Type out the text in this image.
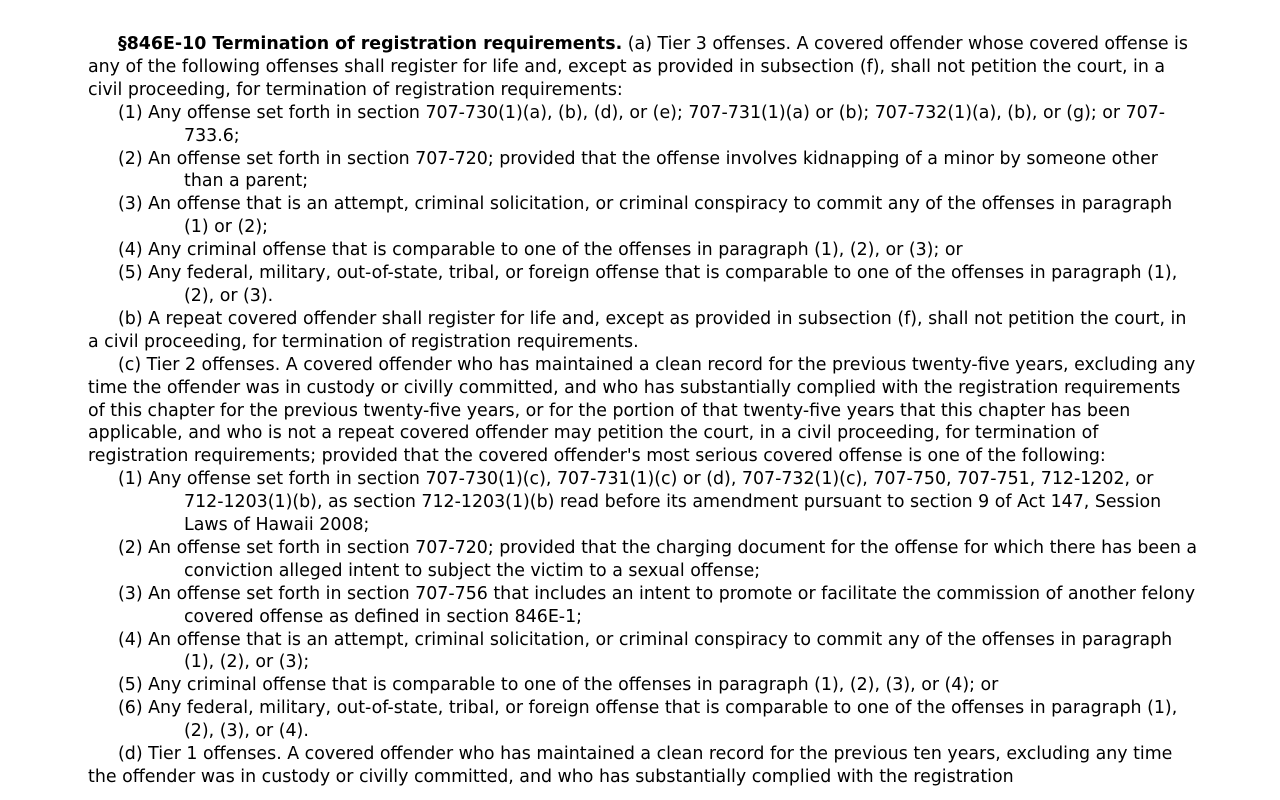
§846E-10 Termination of registration requirements. (a) Tier 3 offenses. A covered offender whose covered offense is any of the following offenses shall register for life and, except as provided in subsection (f), shall not petition the court, in a civil proceeding, for termination of registration requirements:

(1) Any offense set forth in section 707-730(1)(a), (b), (d), or (e); 707-731(1)(a) or (b); 707-732(1)(a), (b), or (g); or 707-733.6;

(2) An offense set forth in section 707-720; provided that the offense involves kidnapping of a minor by someone other than a parent;

(3) An offense that is an attempt, criminal solicitation, or criminal conspiracy to commit any of the offenses in paragraph (1) or (2);

(4) Any criminal offense that is comparable to one of the offenses in paragraph (1), (2), or (3); or

(5) Any federal, military, out-of-state, tribal, or foreign offense that is comparable to one of the offenses in paragraph (1), (2), or (3).

(b) A repeat covered offender shall register for life and, except as provided in subsection (f), shall not petition the court, in a civil proceeding, for termination of registration requirements.

(c) Tier 2 offenses. A covered offender who has maintained a clean record for the previous twenty-five years, excluding any time the offender was in custody or civilly committed, and who has substantially complied with the registration requirements of this chapter for the previous twenty-five years, or for the portion of that twenty-five years that this chapter has been applicable, and who is not a repeat covered offender may petition the court, in a civil proceeding, for termination of registration requirements; provided that the covered offender's most serious covered offense is one of the following:

(1) Any offense set forth in section 707-730(1)(c), 707-731(1)(c) or (d), 707-732(1)(c), 707-750, 707-751, 712-1202, or 712-1203(1)(b), as section 712-1203(1)(b) read before its amendment pursuant to section 9 of Act 147, Session Laws of Hawaii 2008;

(2) An offense set forth in section 707-720; provided that the charging document for the offense for which there has been a conviction alleged intent to subject the victim to a sexual offense;

(3) An offense set forth in section 707-756 that includes an intent to promote or facilitate the commission of another felony covered offense as defined in section 846E-1;

(4) An offense that is an attempt, criminal solicitation, or criminal conspiracy to commit any of the offenses in paragraph (1), (2), or (3);

(5) Any criminal offense that is comparable to one of the offenses in paragraph (1), (2), (3), or (4); or

(6) Any federal, military, out-of-state, tribal, or foreign offense that is comparable to one of the offenses in paragraph (1), (2), (3), or (4).

(d) Tier 1 offenses. A covered offender who has maintained a clean record for the previous ten years, excluding any time the offender was in custody or civilly committed, and who has substantially complied with the registration
